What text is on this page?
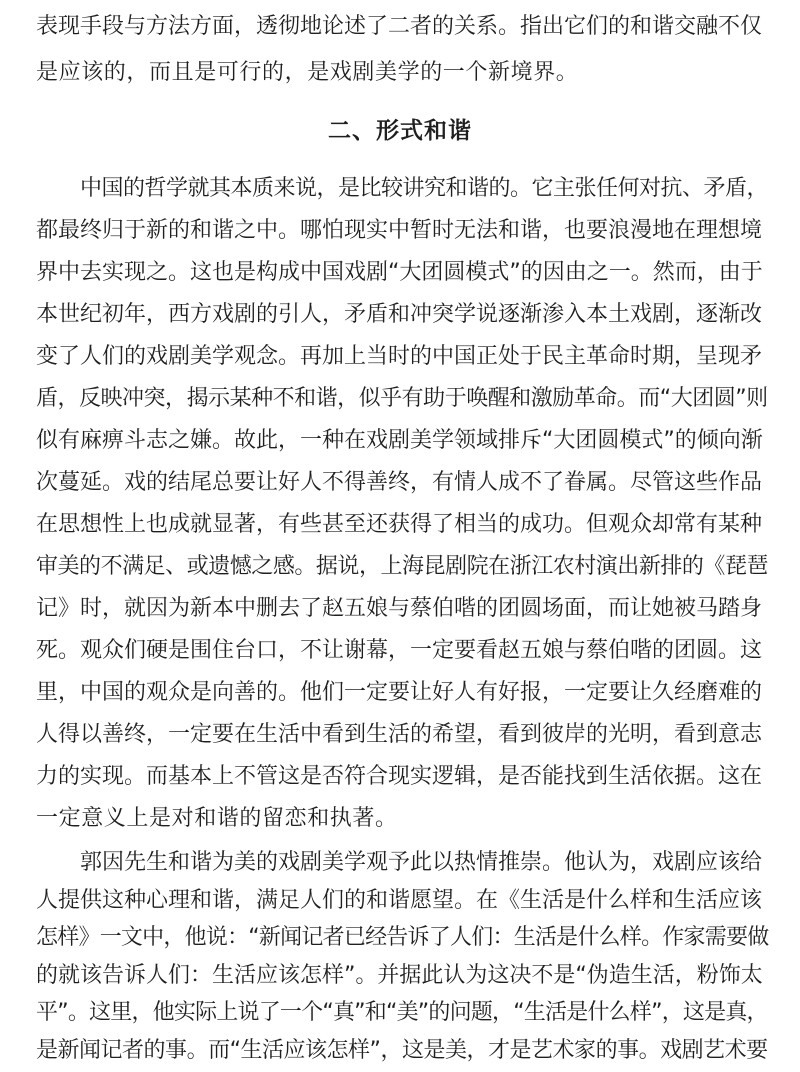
表现手段与方法方面，透彻地论述了二者的关系。指出它们的和谐交融不仅
是应该的，而且是可行的，是戏剧美学的一个新境界。
二、形式和谐
中国的哲学就其本质来说，是比较讲究和谐的。它主张任何对抗、矛盾，
都最终归于新的和谐之中。哪怕现实中暂时无法和谐，也要浪漫地在理想境
界中去实现之。这也是构成中国戏剧“大团圆模式”的因由之一。然而，由于
本世纪初年，西方戏剧的引人，矛盾和冲突学说逐渐渗入本土戏剧，逐渐改
变了人们的戏剧美学观念。再加上当时的中国正处于民主革命时期，呈现矛
盾，反映冲突，揭示某种不和谐，似乎有助于唤醒和激励革命。而“大团圆”则
似有麻痹斗志之嫌。故此，一种在戏剧美学领域排斥“大团圆模式”的倾向渐
次蔓延。戏的结尾总要让好人不得善终，有情人成不了眷属。尽管这些作品
在思想性上也成就显著，有些甚至还获得了相当的成功。但观众却常有某种
审美的不满足、或遗憾之感。据说，上海昆剧院在浙江农村演出新排的《琵琶
记》时，就因为新本中删去了赵五娘与蔡伯喈的团圆场面，而让她被马踏身
死。观众们硬是围住台口，不让谢幕，一定要看赵五娘与蔡伯喈的团圆。这
里，中国的观众是向善的。他们一定要让好人有好报，一定要让久经磨难的
人得以善终，一定要在生活中看到生活的希望，看到彼岸的光明，看到意志
力的实现。而基本上不管这是否符合现实逻辑，是否能找到生活依据。这在
一定意义上是对和谐的留恋和执著。
郭因先生和谐为美的戏剧美学观予此以热情推崇。他认为，戏剧应该给
人提供这种心理和谐，满足人们的和谐愿望。在《生活是什么样和生活应该
怎样》一文中，他说：“新闻记者已经告诉了人们：生活是什么样。作家需要做
的就该告诉人们：生活应该怎样”。并据此认为这决不是“伪造生活，粉饰太
平”。这里，他实际上说了一个“真”和“美”的问题，“生活是什么样”，这是真，
是新闻记者的事。而“生活应该怎样”，这是美，才是艺术家的事。戏剧艺术要
